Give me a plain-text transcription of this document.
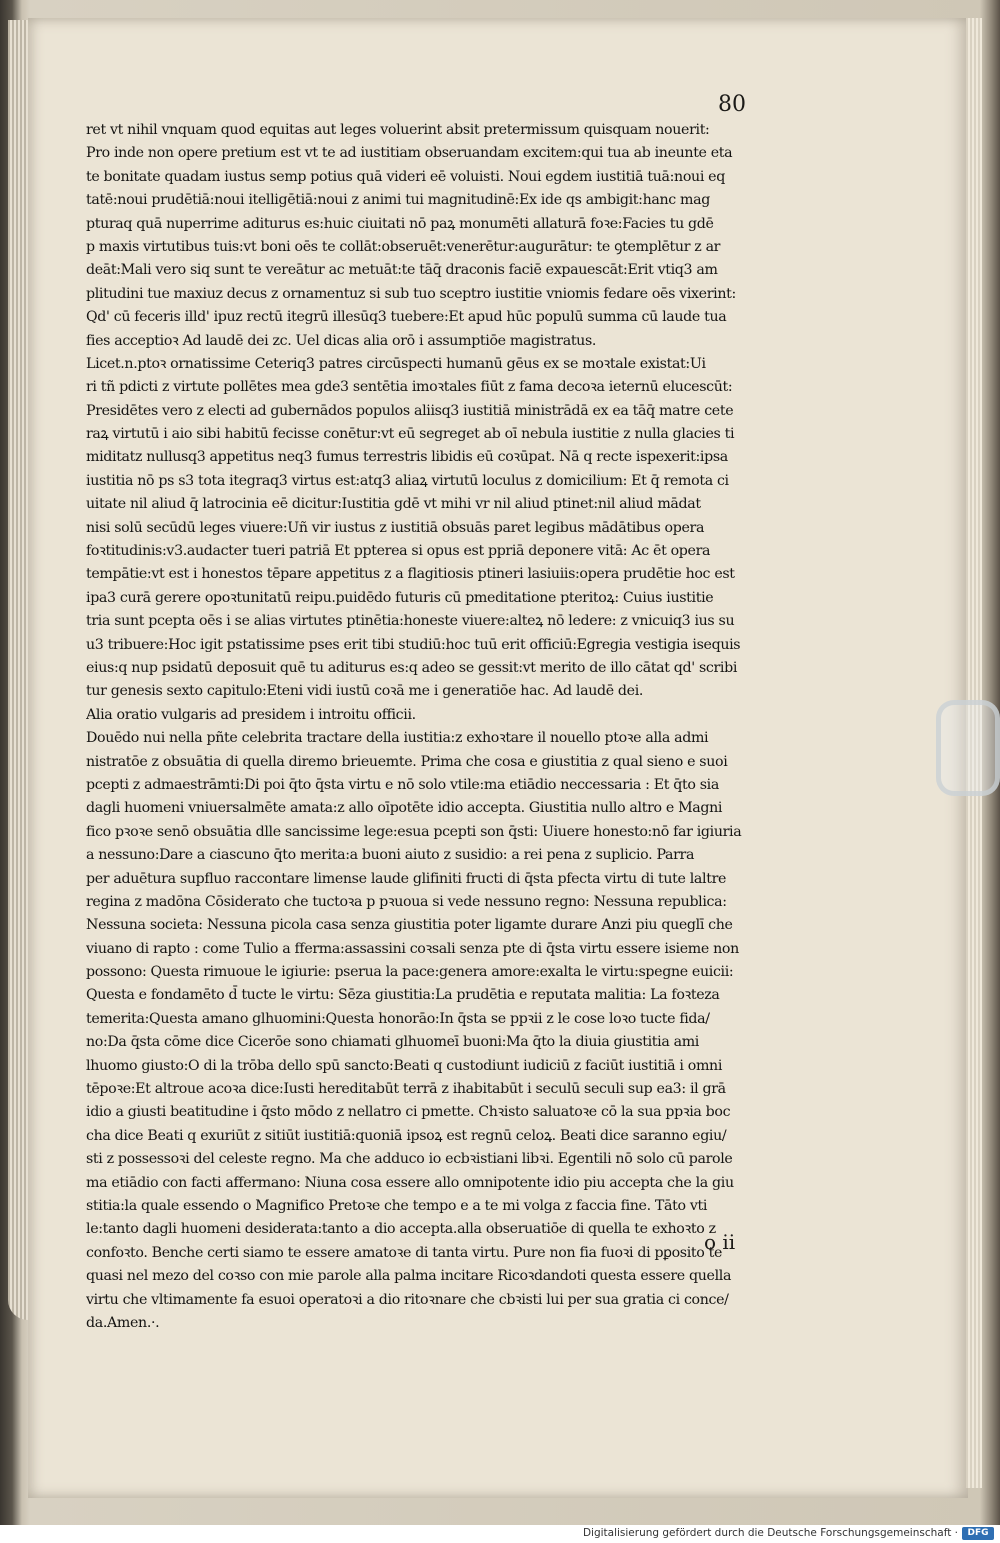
80
ret vt nihil vnquam quod equitas aut leges voluerint absit pretermissum quisquam nouerit:
Pro inde non opere pretium est vt te ad iustitiam obseruandam excitem:qui tua ab ineunte eta
te bonitate quadam iustus semp potius quā videri eē voluisti. Noui egdem iustitiā tuā:noui eq
tatē:noui prudētiā:noui itelligētiā:noui z animi tui magnitudinē:Ex ide qs ambigit:hanc mag
pturaq quā nuperrime aditurus es:huic ciuitati nō paꝝ monumēti allaturā foꝛe:Facies tu gdē
p maxis virtutibus tuis:vt boni oēs te collāt:obseruēt:venerētur:augurātur: te ꝯtemplētur z ar
deāt:Mali vero siq sunt te vereātur ac metuāt:te tāq̄ draconis faciē expauescāt:Erit vtiq3 am
plitudini tue maxiuz decus z ornamentuz si sub tuo sceptro iustitie vniomis fedare oēs vixerint:
Qd' cū feceris illd' ipuz rectū itegrū illesūq3 tuebere:Et apud hūc populū summa cū laude tua
fies acceptioꝛ Ad laudē dei zc. Uel dicas alia orō i assumptiōe magistratus.
Licet.n.ptoꝛ ornatissime Ceteriq3 patres circūspecti humanū gēus ex se moꝛtale existat:Ui
ri tñ pdicti z virtute pollētes mea gde3 sentētia imoꝛtales fiūt z fama decoꝛa ieternū elucescūt:
Presidētes vero z electi ad gubernādos populos aliisq3 iustitiā ministrādā ex ea tāq̄ matre cete
raꝝ virtutū i aio sibi habitū fecisse conētur:vt eū segreget ab oī nebula iustitie z nulla glacies ti
miditatz nullusq3 appetitus neq3 fumus terrestris libidis eū coꝛūpat. Nā q recte ispexerit:ipsa
iustitia nō ps s3 tota itegraq3 virtus est:atq3 aliaꝝ virtutū loculus z domicilium: Et q̄ remota ci
uitate nil aliud q̄ latrocinia eē dicitur:Iustitia gdē vt mihi vr nil aliud ptinet:nil aliud mādat
nisi solū secūdū leges viuere:Uñ vir iustus z iustitiā obsuās paret legibus mādātibus opera
foꝛtitudinis:v3.audacter tueri patriā Et ppterea si opus est ppriā deponere vitā: Ac ēt opera
tempātie:vt est i honestos tēpare appetitus z a flagitiosis ptineri lasiuiis:opera prudētie hoc est
ipa3 curā gerere opoꝛtunitatū reipu.puidēdo futuris cū pmeditatione pteritoꝝ: Cuius iustitie
tria sunt pcepta oēs i se alias virtutes ptinētia:honeste viuere:alteꝝ nō ledere: z vnicuiq3 ius su
u3 tribuere:Hoc igit pstatissime pses erit tibi studiū:hoc tuū erit officiū:Egregia vestigia isequis
eius:q nup psidatū deposuit quē tu aditurus es:q adeo se gessit:vt merito de illo cātat qd' scribi
tur genesis sexto capitulo:Eteni vidi iustū coꝛā me i generatiōe hac. Ad laudē dei.
Alia oratio vulgaris ad presidem i introitu officii.
Douēdo nui nella pñte celebrita tractare della iustitia:z exhoꝛtare il nouello ptoꝛe alla admi
nistratōe z obsuātia di quella diremo brieuemte. Prima che cosa e giustitia z qual sieno e suoi
pcepti z admaestrāmti:Di poi q̄to q̄sta virtu e nō solo vtile:ma etiādio neccessaria : Et q̄to sia
dagli huomeni vniuersalmēte amata:z allo oīpotēte idio accepta. Giustitia nullo altro e Magni
fico pꝛoꝛe senō obsuātia dlle sancissime lege:esua pcepti son q̄sti: Uiuere honesto:nō far igiuria
a nessuno:Dare a ciascuno q̄to merita:a buoni aiuto z susidio: a rei pena z suplicio. Parra
per aduētura supfluo raccontare limense laude glifiniti fructi di q̄sta pfecta virtu di tute laltre
regina z madōna Cōsiderato che tuctoꝛa p pꝛuoua si vede nessuno regno: Nessuna republica:
Nessuna societa: Nessuna picola casa senza giustitia poter ligamte durare Anzi piu queglī che
viuano di rapto : come Tulio a fferma:assassini coꝛsali senza pte di q̄sta virtu essere isieme non
possono: Questa rimuoue le igiurie: pserua la pace:genera amore:exalta le virtu:spegne euicii:
Questa e fondamēto d̄ tucte le virtu: Sēza giustitia:La prudētia e reputata malitia: La foꝛteza
temerita:Questa amano glhuomini:Questa honorāo:In q̄sta se ppꝛii z le cose loꝛo tucte fida/
no:Da q̄sta cōme dice Cicerōe sono chiamati glhuomeī buoni:Ma q̄to la diuia giustitia ami
lhuomo giusto:O di la trōba dello spū sancto:Beati q custodiunt iudiciū z faciūt iustitiā i omni
tēpoꝛe:Et altroue acoꝛa dice:Iusti hereditabūt terrā z ihabitabūt i seculū seculi sup ea3: il grā
idio a giusti beatitudine i q̄sto mōdo z nellatro ci pmette. Chꝛisto saluatoꝛe cō la sua ppꝛia boc
cha dice Beati q exuriūt z sitiūt iustitiā:quoniā ipsoꝝ est regnū celoꝝ. Beati dice saranno egiu/
sti z possessoꝛi del celeste regno. Ma che adduco io ecbꝛistiani libꝛi. Egentili nō solo cū parole
ma etiādio con facti affermano: Niuna cosa essere allo omnipotente idio piu accepta che la giu
stitia:la quale essendo o Magnifico Pretoꝛe che tempo e a te mi volga z faccia fine. Tāto vti
le:tanto dagli huomeni desiderata:tanto a dio accepta.alla obseruatiōe di quella te exhoꝛto z
confoꝛto. Benche certi siamo te essere amatoꝛe di tanta virtu. Pure non fia fuoꝛi di pꝑosito te
quasi nel mezo del coꝛso con mie parole alla palma incitare Ricoꝛdandoti questa essere quella
virtu che vltimamente fa esuoi operatoꝛi a dio ritoꝛnare che cbꝛisti lui per sua gratia ci conce/
da.Amen.·.
o ii
Digitalisierung gefördert durch die Deutsche Forschungsgemeinschaft ·	DFG
